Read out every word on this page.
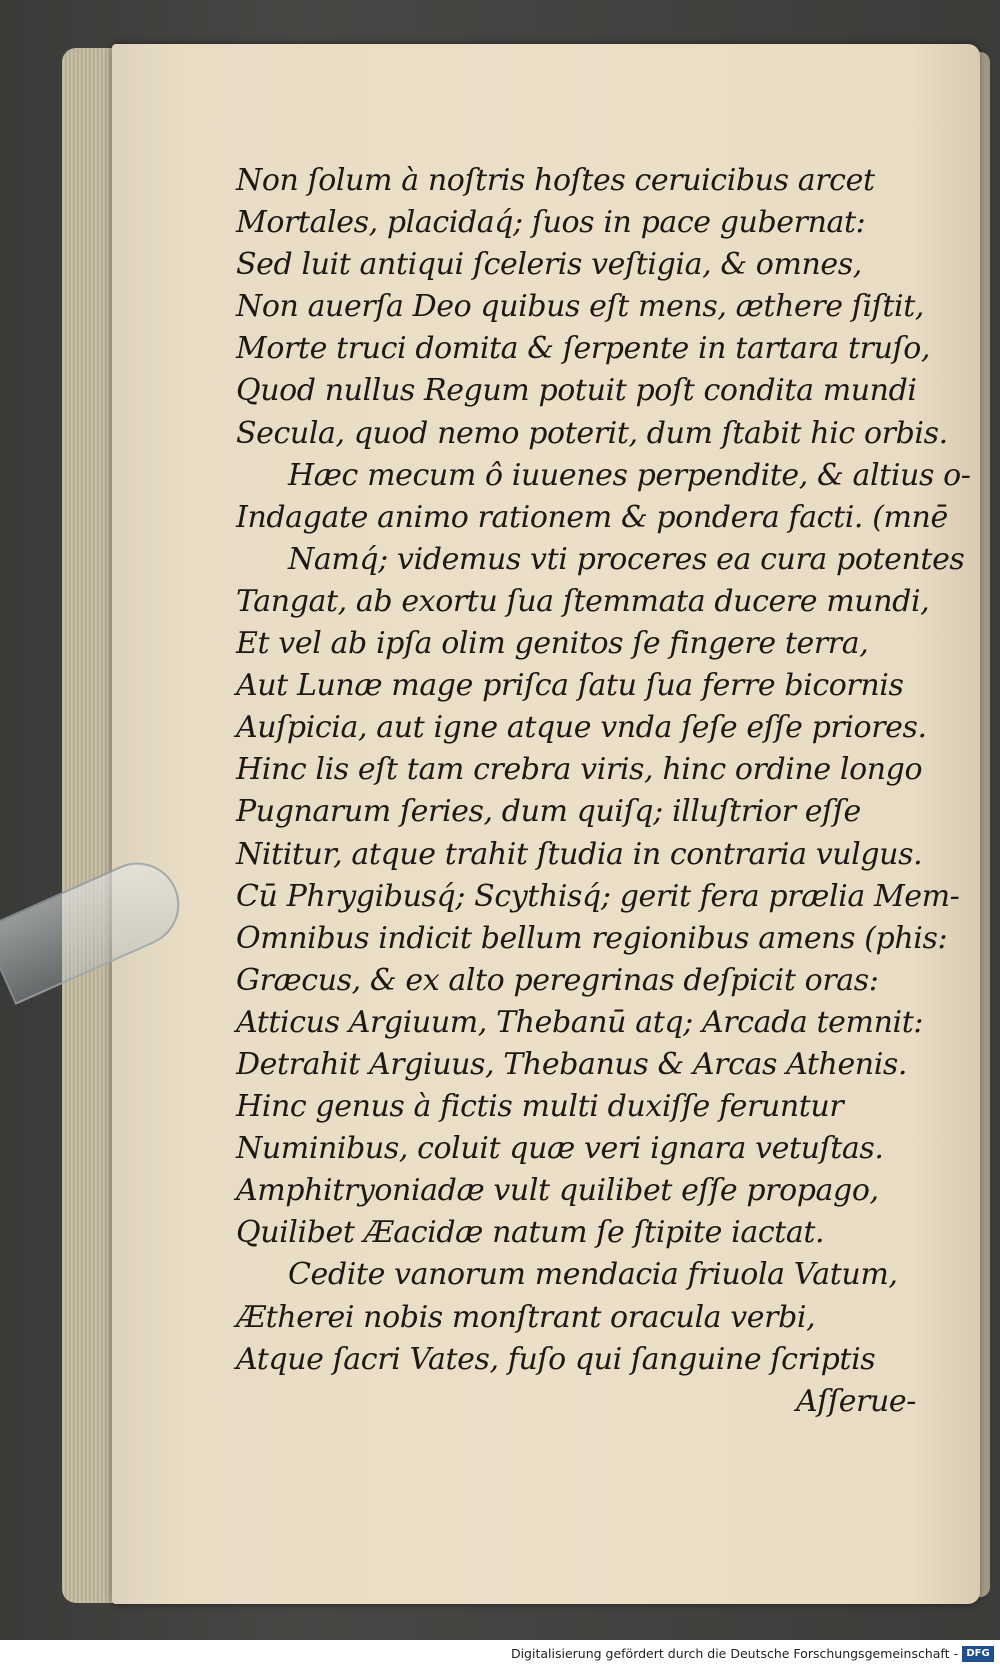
Non ſolum à noſtris hoſtes ceruicibus arcet
Mortales, placidaq́; ſuos in pace gubernat:
Sed luit antiqui ſceleris veſtigia, & omnes,
Non auerſa Deo quibus eſt mens, æthere ſiſtit,
Morte truci domita & ſerpente in tartara truſo,
Quod nullus Regum potuit poſt condita mundi
Secula, quod nemo poterit, dum ſtabit hic orbis.
Hæc mecum ô iuuenes perpendite, & altius o-
Indagate animo rationem & pondera facti. (mnē
Namq́; videmus vti proceres ea cura potentes
Tangat, ab exortu ſua ſtemmata ducere mundi,
Et vel ab ipſa olim genitos ſe fingere terra,
Aut Lunæ mage priſca ſatu ſua ferre bicornis
Auſpicia, aut igne atque vnda ſeſe eſſe priores.
Hinc lis eſt tam crebra viris, hinc ordine longo
Pugnarum ſeries, dum quiſq; illuſtrior eſſe
Nititur, atque trahit ſtudia in contraria vulgus.
Cū Phrygibusq́; Scythisq́; gerit fera prælia Mem-
Omnibus indicit bellum regionibus amens (phis:
Græcus, & ex alto peregrinas deſpicit oras:
Atticus Argiuum, Thebanū atq; Arcada temnit:
Detrahit Argiuus, Thebanus & Arcas Athenis.
Hinc genus à fictis multi duxiſſe feruntur
Numinibus, coluit quæ veri ignara vetuſtas.
Amphitryoniadæ vult quilibet eſſe propago,
Quilibet Æacidæ natum ſe ſtipite iactat.
Cedite vanorum mendacia friuola Vatum,
Ætherei nobis monſtrant oracula verbi,
Atque ſacri Vates, fuſo qui ſanguine ſcriptis
Aſſerue-
Digitalisierung gefördert durch die Deutsche Forschungsgemeinschaft - DFG
